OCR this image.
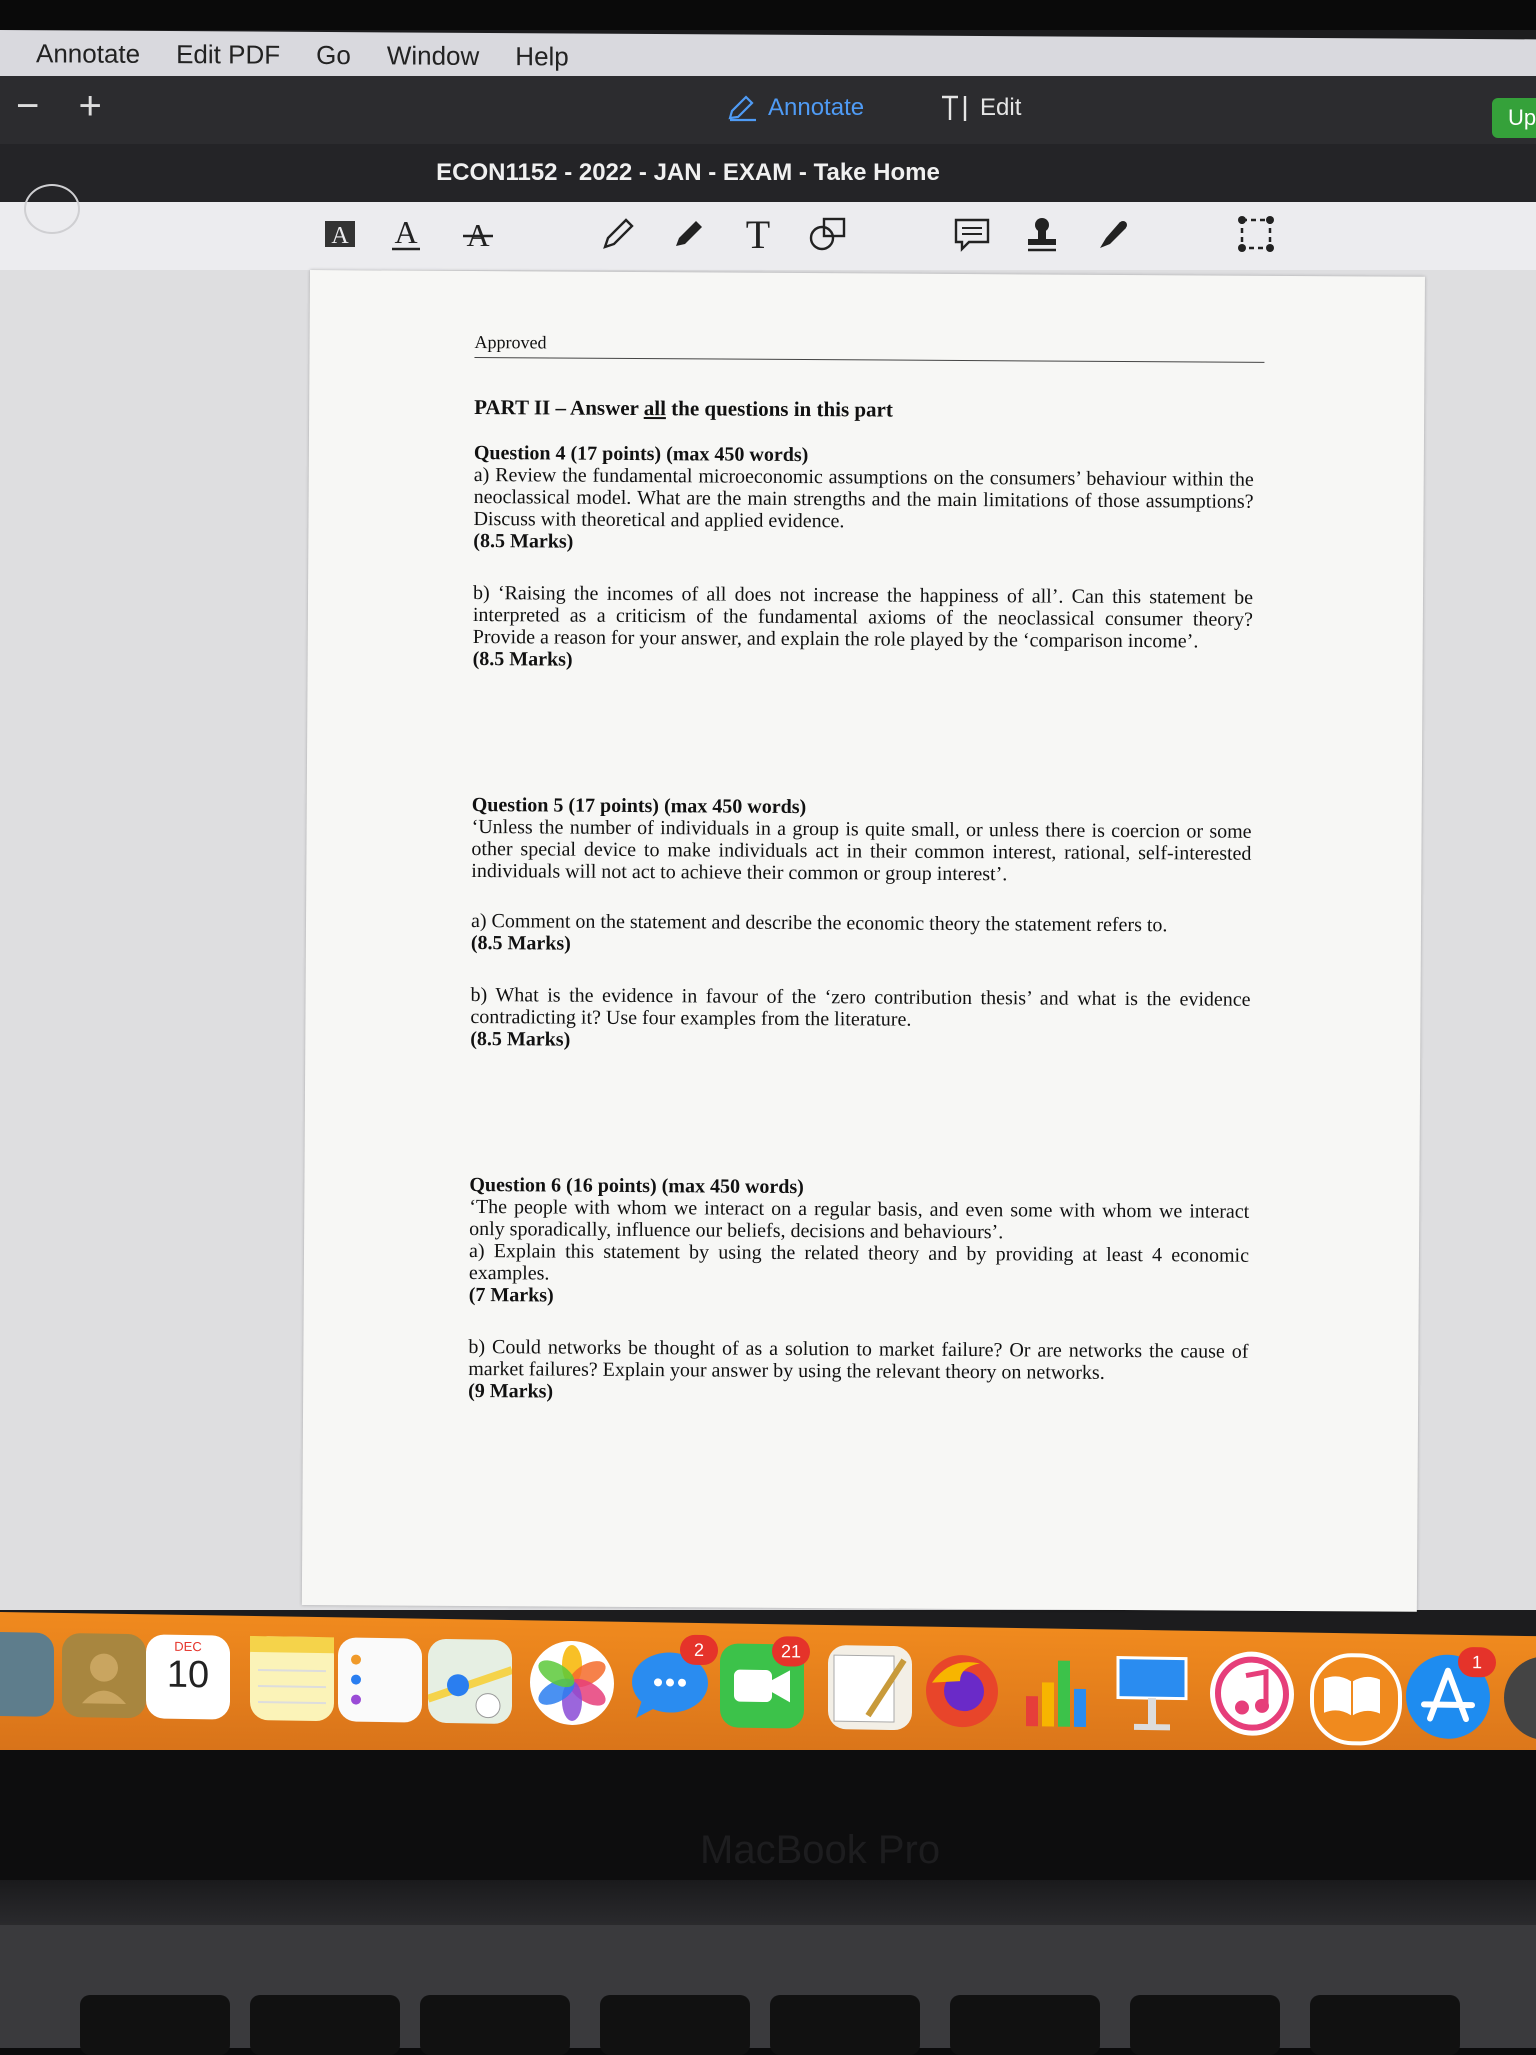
Annotate Edit PDF Go Window Help
− +	Annotate	Edit	Up
ECON1152 - 2022 - JAN - EXAM - Take Home
A A A	T
Approved
PART II – Answer all the questions in this part
Question 4 (17 points) (max 450 words)
a) Review the fundamental microeconomic assumptions on the consumers’ behaviour within the neoclassical model. What are the main strengths and the main limitations of those assumptions? Discuss with theoretical and applied evidence.
(8.5 Marks)
b) ‘Raising the incomes of all does not increase the happiness of all’. Can this statement be interpreted as a criticism of the fundamental axioms of the neoclassical consumer theory? Provide a reason for your answer, and explain the role played by the ‘comparison income’.
(8.5 Marks)
Question 5 (17 points) (max 450 words)
‘Unless the number of individuals in a group is quite small, or unless there is coercion or some other special device to make individuals act in their common interest, rational, self-interested individuals will not act to achieve their common or group interest’.
a) Comment on the statement and describe the economic theory the statement refers to.
(8.5 Marks)
b) What is the evidence in favour of the ‘zero contribution thesis’ and what is the evidence contradicting it? Use four examples from the literature.
(8.5 Marks)
Question 6 (16 points) (max 450 words)
‘The people with whom we interact on a regular basis, and even some with whom we interact only sporadically, influence our beliefs, decisions and behaviours’.
a) Explain this statement by using the related theory and by providing at least 4 economic examples.
(7 Marks)
b) Could networks be thought of as a solution to market failure? Or are networks the cause of market failures? Explain your answer by using the relevant theory on networks.
(9 Marks)
DEC
10
2	21
1
MacBook Pro
